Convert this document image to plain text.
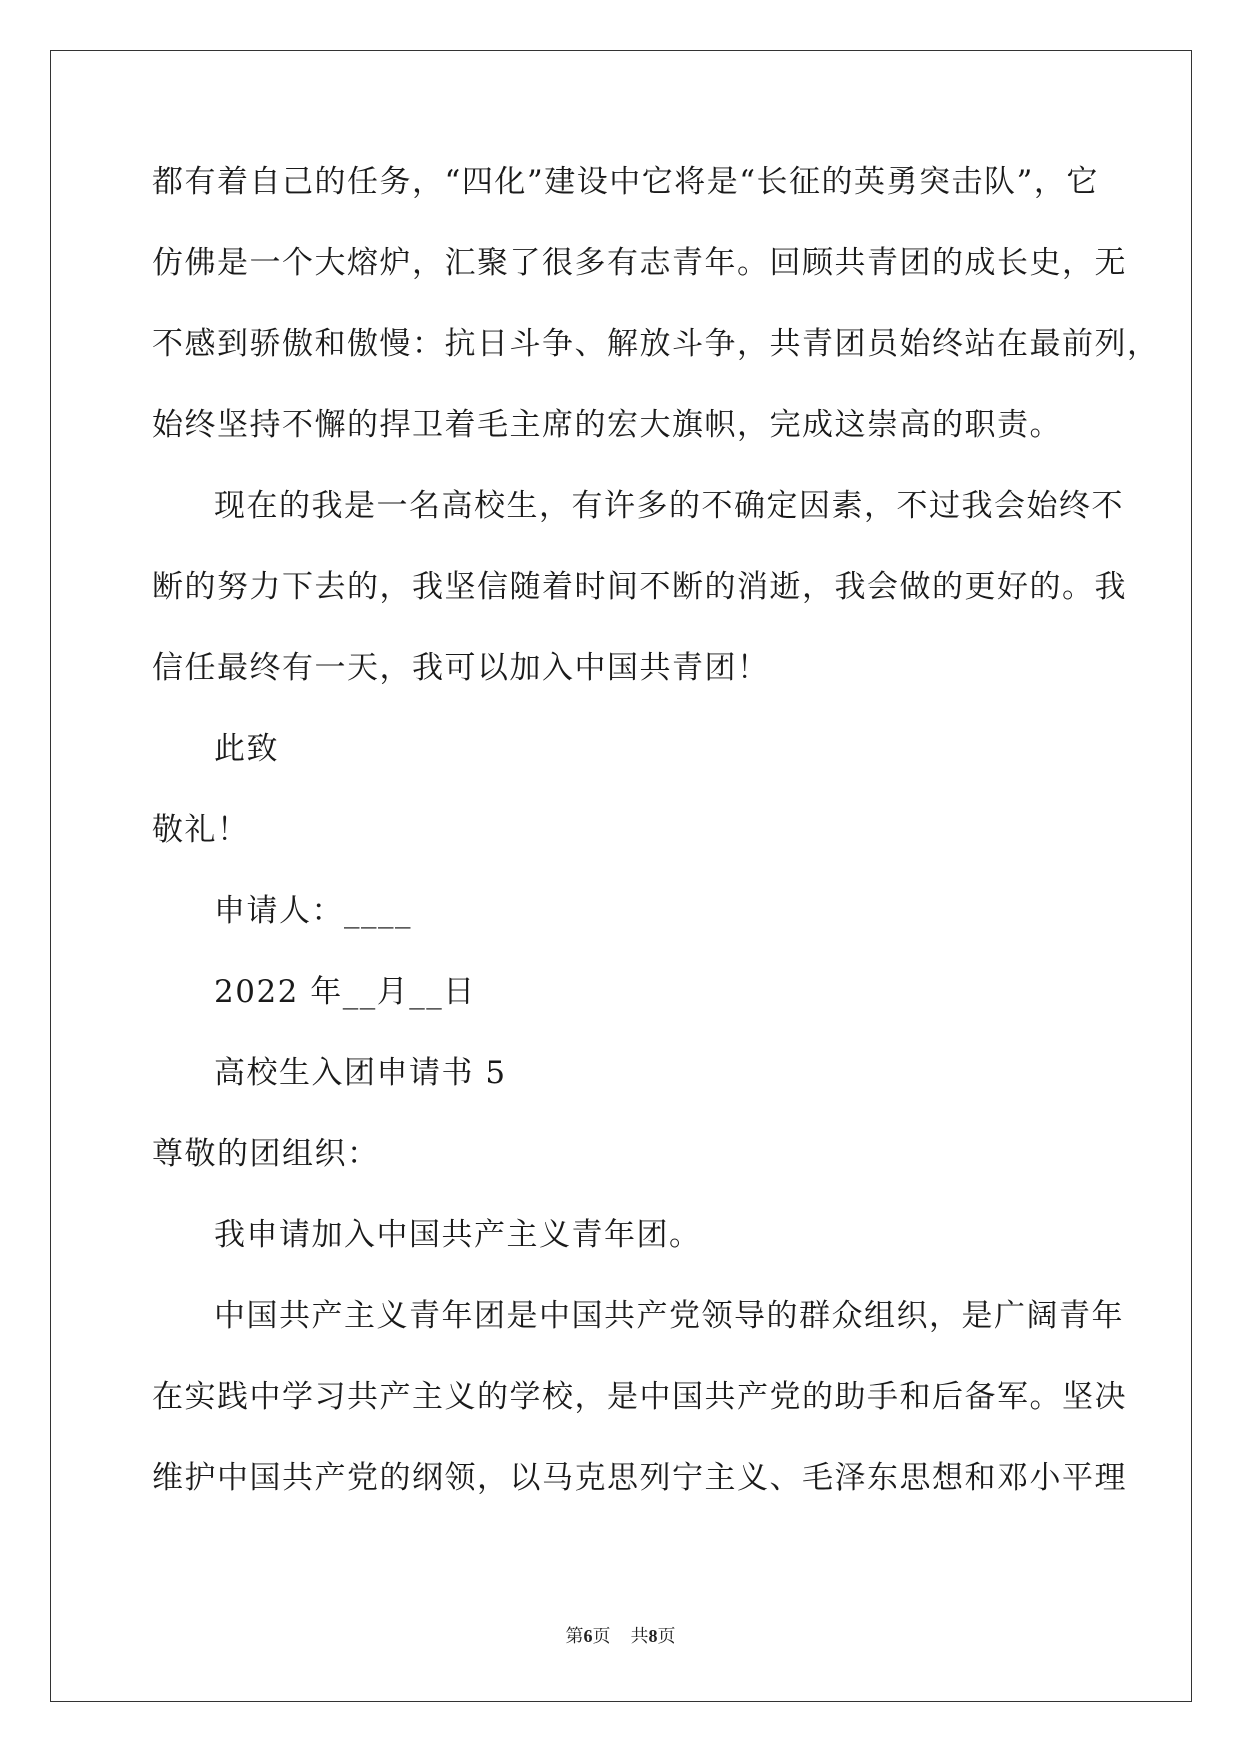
都有着自己的任务，“四化”建设中它将是“长征的英勇突击队”，它
仿佛是一个大熔炉，汇聚了很多有志青年。回顾共青团的成长史，无
不感到骄傲和傲慢：抗日斗争、解放斗争，共青团员始终站在最前列，
始终坚持不懈的捍卫着毛主席的宏大旗帜，完成这崇高的职责。
现在的我是一名高校生，有许多的不确定因素，不过我会始终不
断的努力下去的，我坚信随着时间不断的消逝，我会做的更好的。我
信任最终有一天，我可以加入中国共青团！
此致
敬礼！
申请人：____
2022 年__月__日
高校生入团申请书 5
尊敬的团组织：
我申请加入中国共产主义青年团。
中国共产主义青年团是中国共产党领导的群众组织，是广阔青年
在实践中学习共产主义的学校，是中国共产党的助手和后备军。坚决
维护中国共产党的纲领，以马克思列宁主义、毛泽东思想和邓小平理
第6页 共8页
